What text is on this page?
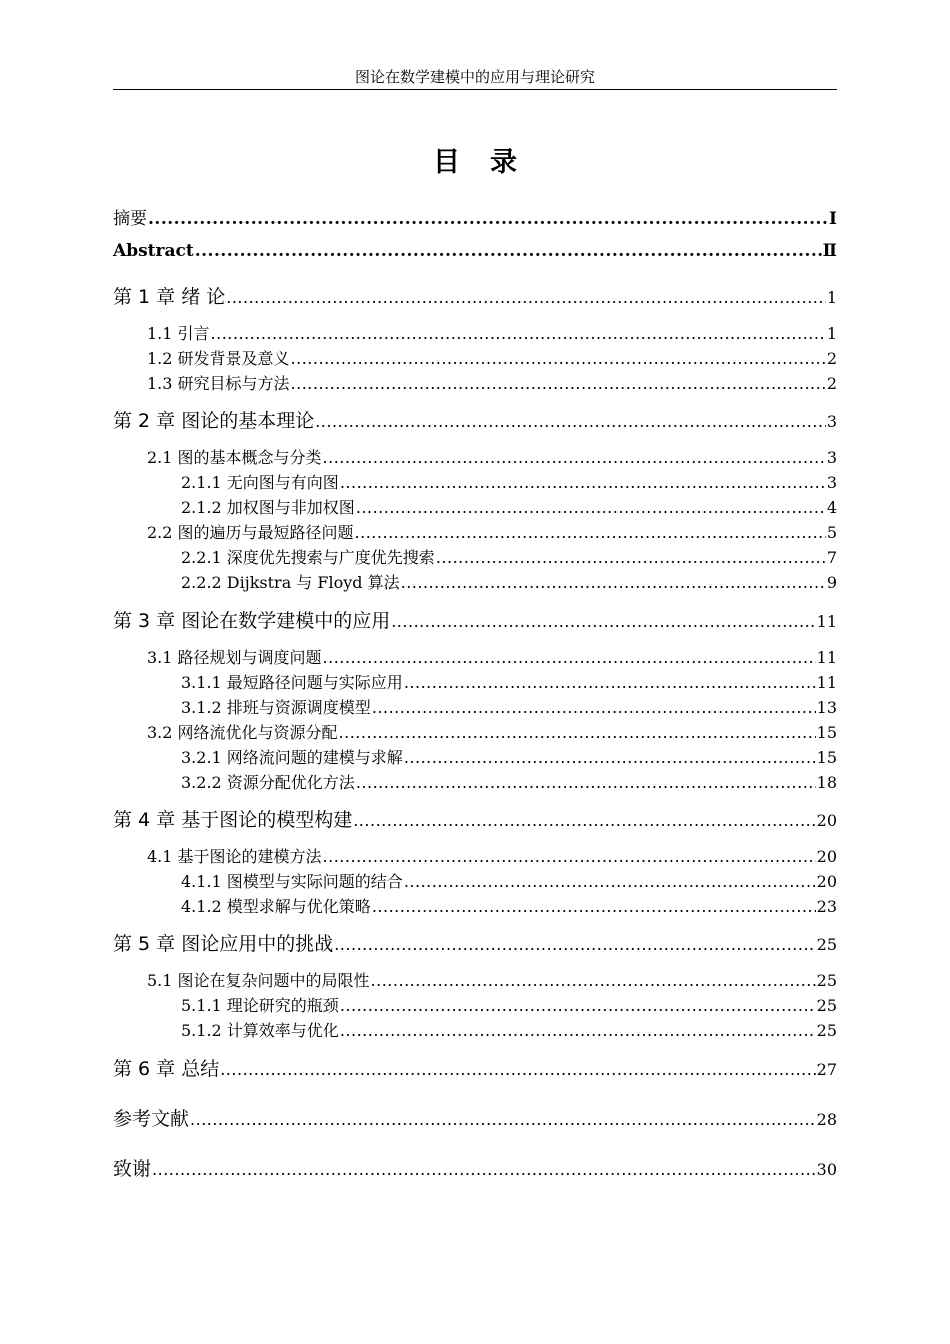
图论在数学建模中的应用与理论研究
目录
摘要 .....	Ⅰ
Abstract .....	Ⅱ
第 1 章 绪 论 .....	1
1.1 引言 .....	1
1.2 研发背景及意义 .....	2
1.3 研究目标与方法 .....	2
第 2 章 图论的基本理论 .....	3
2.1 图的基本概念与分类 .....	3
2.1.1 无向图与有向图 .....	3
2.1.2 加权图与非加权图 .....	4
2.2 图的遍历与最短路径问题 .....	5
2.2.1 深度优先搜索与广度优先搜索 .....	7
2.2.2 Dijkstra 与 Floyd 算法 .....	9
第 3 章 图论在数学建模中的应用 .....	11
3.1 路径规划与调度问题 .....	11
3.1.1 最短路径问题与实际应用 .....	11
3.1.2 排班与资源调度模型 .....	13
3.2 网络流优化与资源分配 .....	15
3.2.1 网络流问题的建模与求解 .....	15
3.2.2 资源分配优化方法 .....	18
第 4 章 基于图论的模型构建 .....	20
4.1 基于图论的建模方法 .....	20
4.1.1 图模型与实际问题的结合 .....	20
4.1.2 模型求解与优化策略 .....	23
第 5 章 图论应用中的挑战 .....	25
5.1 图论在复杂问题中的局限性 .....	25
5.1.1 理论研究的瓶颈 .....	25
5.1.2 计算效率与优化 .....	25
第 6 章 总结 .....	27
参考文献 .....	28
致谢 .....	30
